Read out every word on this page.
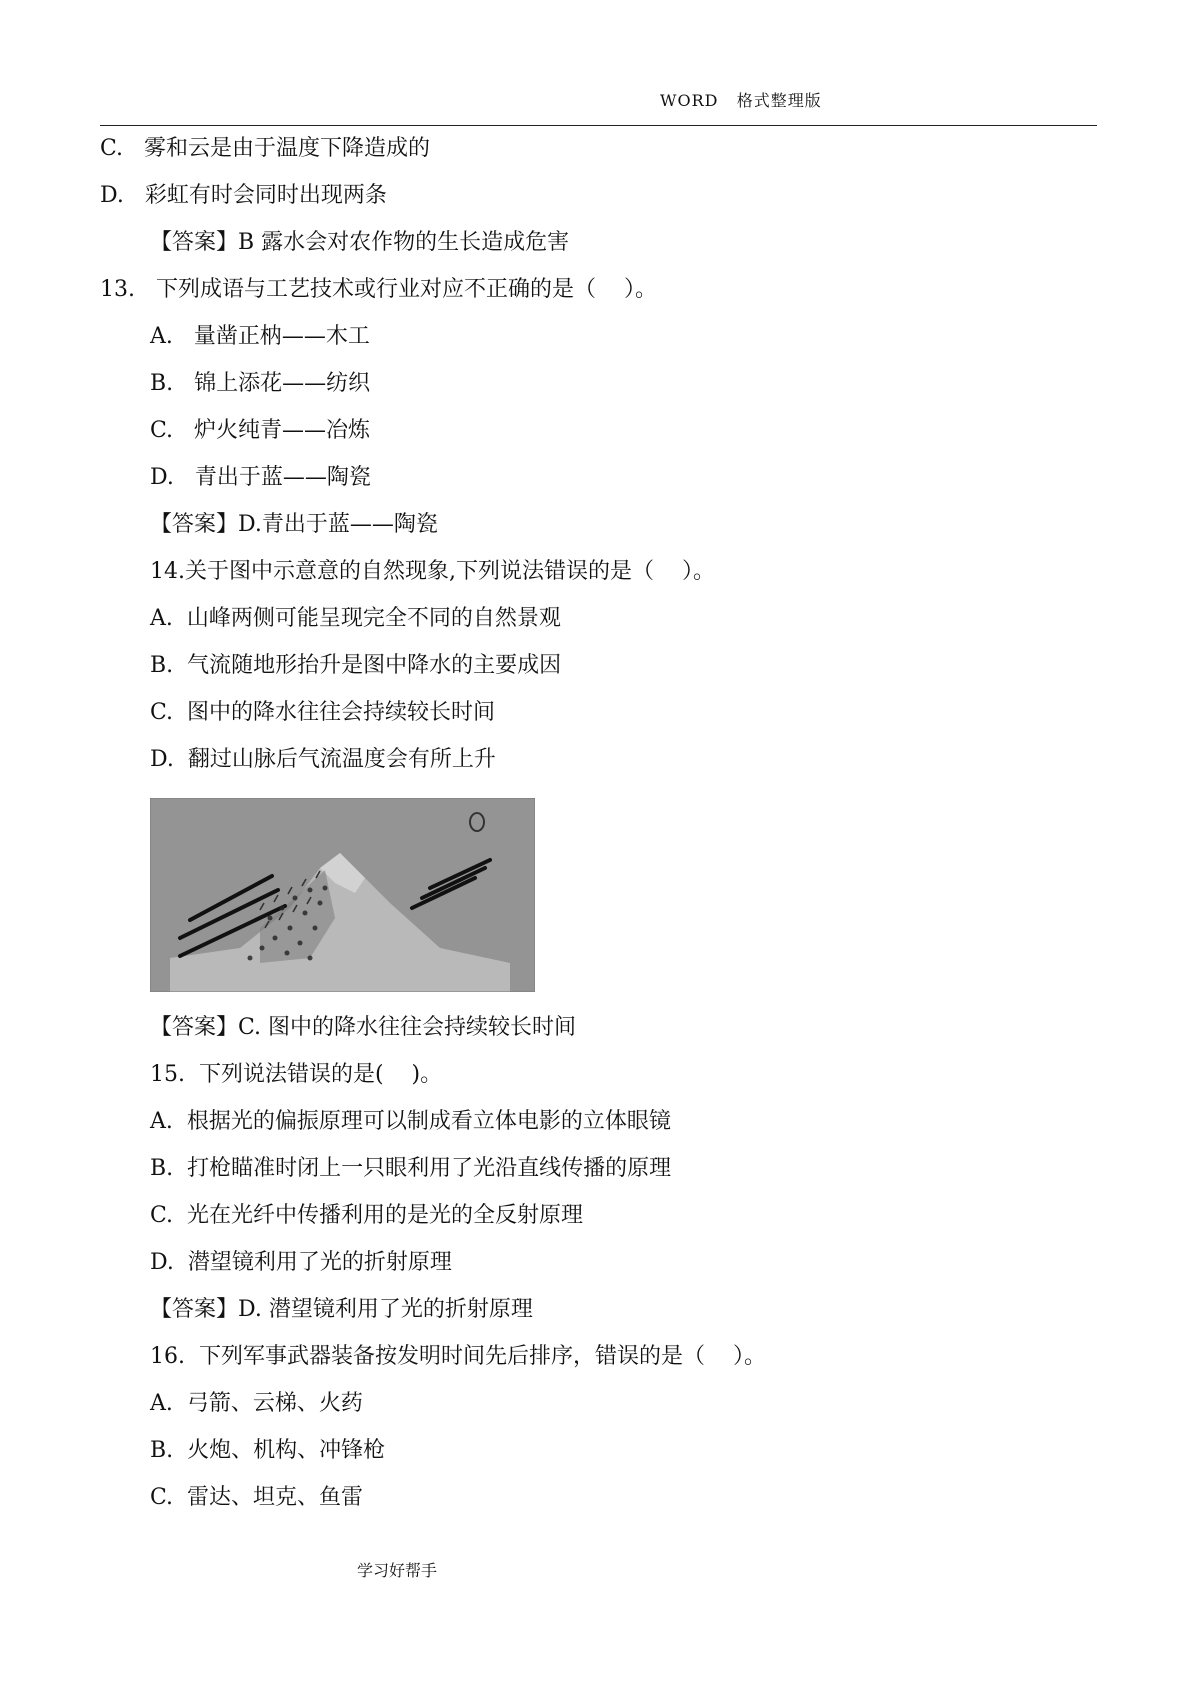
WORD   格式整理版
C.   雾和云是由于温度下降造成的
D.   彩虹有时会同时出现两条
【答案】B 露水会对农作物的生长造成危害
13.   下列成语与工艺技术或行业对应不正确的是（    ）。
A.   量凿正枘——木工
B.   锦上添花——纺织
C.   炉火纯青——冶炼
D.   青出于蓝——陶瓷
【答案】D.青出于蓝——陶瓷
14.关于图中示意意的自然现象,下列说法错误的是（    ）。
A.  山峰两侧可能呈现完全不同的自然景观
B.  气流随地形抬升是图中降水的主要成因
C.  图中的降水往往会持续较长时间
D.  翻过山脉后气流温度会有所上升
【答案】C. 图中的降水往往会持续较长时间
15.  下列说法错误的是(    )。
A.  根据光的偏振原理可以制成看立体电影的立体眼镜
B.  打枪瞄准时闭上一只眼利用了光沿直线传播的原理
C.  光在光纤中传播利用的是光的全反射原理
D.  潜望镜利用了光的折射原理
【答案】D. 潜望镜利用了光的折射原理
16.  下列军事武器装备按发明时间先后排序，错误的是（    ）。
A.  弓箭、云梯、火药
B.  火炮、机构、冲锋枪
C.  雷达、坦克、鱼雷
学习好帮手
